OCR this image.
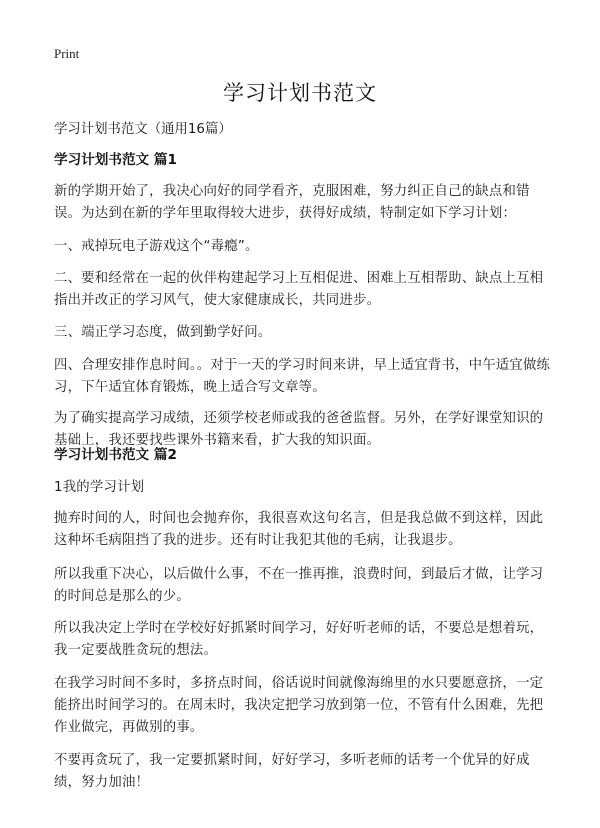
Print
学习计划书范文
学习计划书范文（通用16篇）
学习计划书范文 篇1
新的学期开始了，我决心向好的同学看齐，克服困难，努力纠正自己的缺点和错误。为达到在新的学年里取得较大进步，获得好成绩，特制定如下学习计划：
一、戒掉玩电子游戏这个“毒瘾”。
二、要和经常在一起的伙伴构建起学习上互相促进、困难上互相帮助、缺点上互相指出并改正的学习风气，使大家健康成长，共同进步。
三、端正学习态度，做到勤学好问。
四、合理安排作息时间。。对于一天的学习时间来讲，早上适宜背书，中午适宜做练习，下午适宜体育锻炼，晚上适合写文章等。
为了确实提高学习成绩，还须学校老师或我的爸爸监督。另外，在学好课堂知识的基础上，我还要找些课外书籍来看，扩大我的知识面。
学习计划书范文 篇2
1我的学习计划
抛弃时间的人，时间也会抛弃你，我很喜欢这句名言，但是我总做不到这样，因此这种坏毛病阻挡了我的进步。还有时让我犯其他的毛病，让我退步。
所以我重下决心，以后做什么事，不在一推再推，浪费时间，到最后才做，让学习的时间总是那么的少。
所以我决定上学时在学校好好抓紧时间学习，好好听老师的话，不要总是想着玩，我一定要战胜贪玩的想法。
在我学习时间不多时，多挤点时间，俗话说时间就像海绵里的水只要愿意挤，一定能挤出时间学习的。在周末时，我决定把学习放到第一位，不管有什么困难，先把作业做完，再做别的事。
不要再贪玩了，我一定要抓紧时间，好好学习，多听老师的话考一个优异的好成绩，努力加油！
